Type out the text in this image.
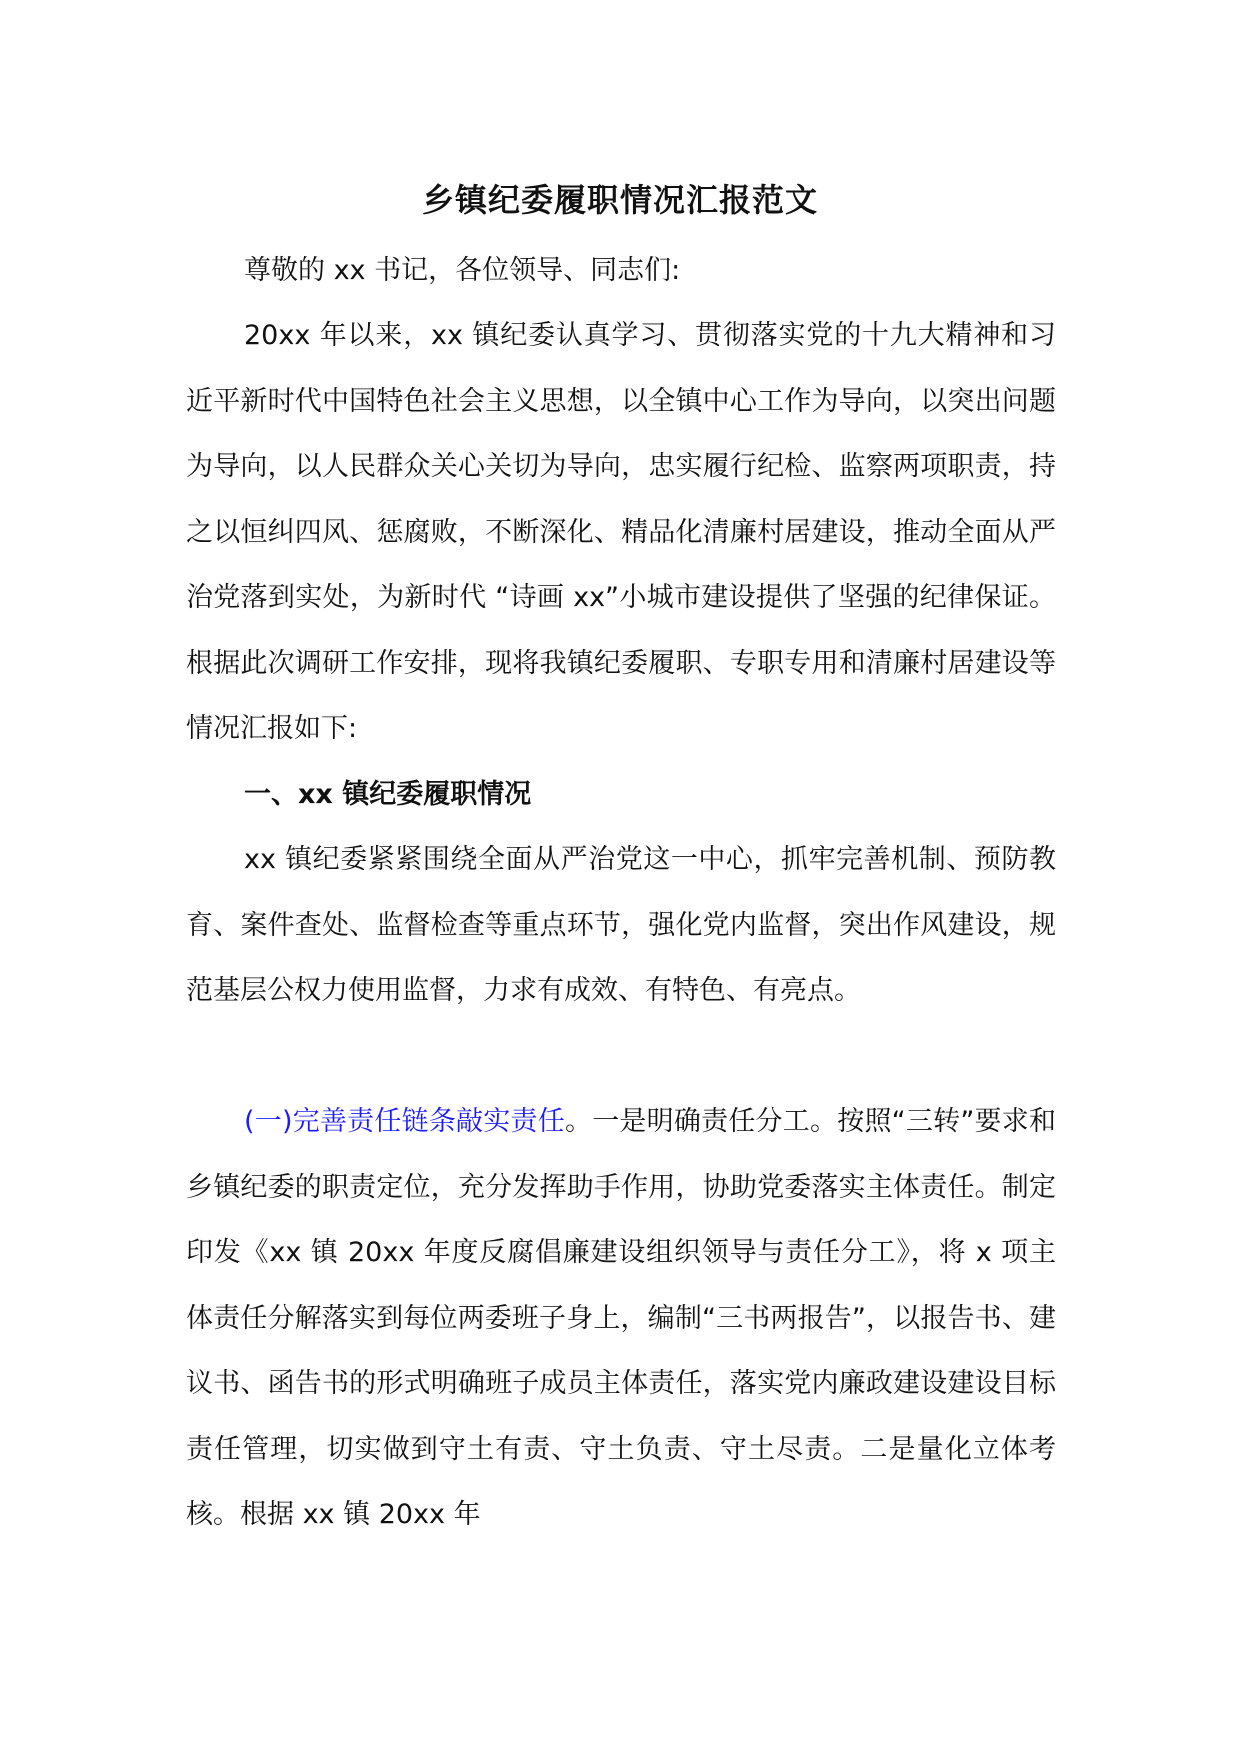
乡镇纪委履职情况汇报范文

尊敬的 xx 书记，各位领导、同志们:

20xx 年以来，xx 镇纪委认真学习、贯彻落实党的十九大精神和习近平新时代中国特色社会主义思想，以全镇中心工作为导向，以突出问题为导向，以人民群众关心关切为导向，忠实履行纪检、监察两项职责，持之以恒纠四风、惩腐败，不断深化、精品化清廉村居建设，推动全面从严治党落到实处，为新时代 “诗画 xx”小城市建设提供了坚强的纪律保证。根据此次调研工作安排，现将我镇纪委履职、专职专用和清廉村居建设等情况汇报如下:

一、xx 镇纪委履职情况

xx 镇纪委紧紧围绕全面从严治党这一中心，抓牢完善机制、预防教育、案件查处、监督检查等重点环节，强化党内监督，突出作风建设，规范基层公权力使用监督，力求有成效、有特色、有亮点。

(一)完善责任链条敲实责任。一是明确责任分工。按照“三转”要求和乡镇纪委的职责定位，充分发挥助手作用，协助党委落实主体责任。制定印发《xx 镇 20xx 年度反腐倡廉建设组织领导与责任分工》，将 x 项主体责任分解落实到每位两委班子身上，编制“三书两报告”，以报告书、建议书、函告书的形式明确班子成员主体责任，落实党内廉政建设建设目标责任管理，切实做到守土有责、守土负责、守土尽责。二是量化立体考核。根据 xx 镇 20xx 年
